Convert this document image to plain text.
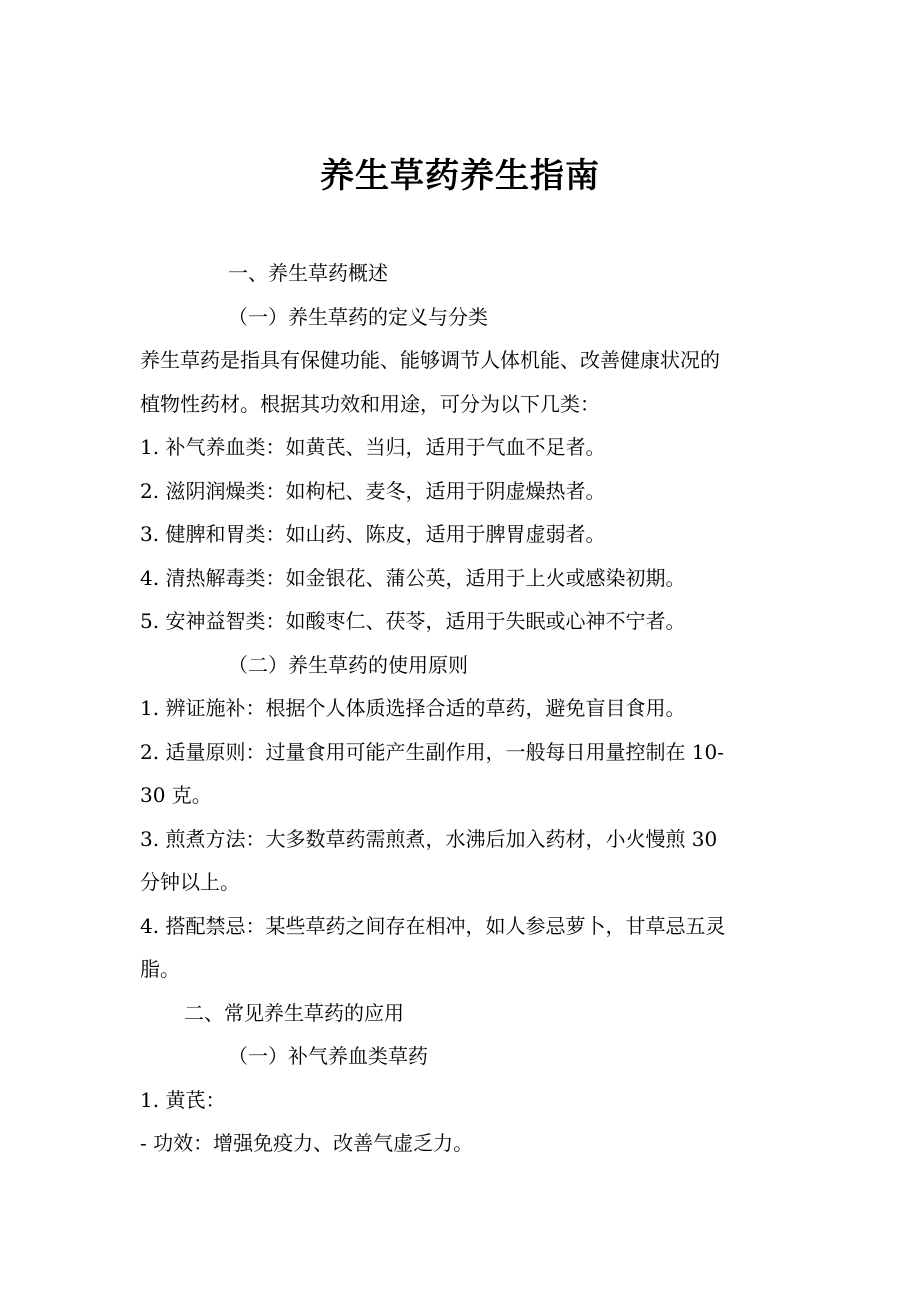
养生草药养生指南

一、养生草药概述

（一）养生草药的定义与分类

养生草药是指具有保健功能、能够调节人体机能、改善健康状况的

植物性药材。根据其功效和用途，可分为以下几类：

1. 补气养血类：如黄芪、当归，适用于气血不足者。

2. 滋阴润燥类：如枸杞、麦冬，适用于阴虚燥热者。

3. 健脾和胃类：如山药、陈皮，适用于脾胃虚弱者。

4. 清热解毒类：如金银花、蒲公英，适用于上火或感染初期。

5. 安神益智类：如酸枣仁、茯苓，适用于失眠或心神不宁者。

（二）养生草药的使用原则

1. 辨证施补：根据个人体质选择合适的草药，避免盲目食用。

2. 适量原则：过量食用可能产生副作用，一般每日用量控制在 10-

30 克。

3. 煎煮方法：大多数草药需煎煮，水沸后加入药材，小火慢煎 30

分钟以上。

4. 搭配禁忌：某些草药之间存在相冲，如人参忌萝卜，甘草忌五灵

脂。

二、常见养生草药的应用

（一）补气养血类草药

1. 黄芪：

- 功效：增强免疫力、改善气虚乏力。
